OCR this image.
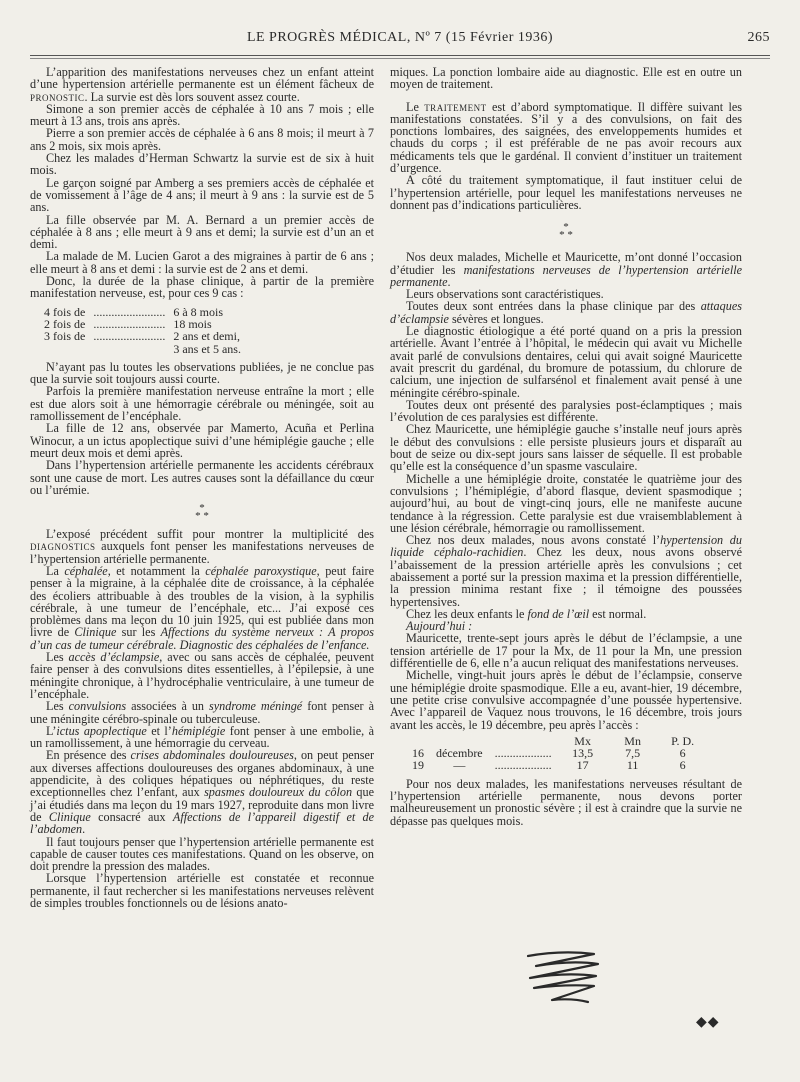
LE PROGRÈS MÉDICAL, Nº 7 (15 Février 1936)	265

L’apparition des manifestations nerveuses chez un enfant atteint d’une hypertension artérielle permanente est un élément fâcheux de pronostic. La survie est dès lors souvent assez courte.

Simone a son premier accès de céphalée à 10 ans 7 mois ; elle meurt à 13 ans, trois ans après.

Pierre a son premier accès de céphalée à 6 ans 8 mois; il meurt à 7 ans 2 mois, six mois après.

Chez les malades d’Herman Schwartz la survie est de six à huit mois.

Le garçon soigné par Amberg a ses premiers accès de céphalée et de vomissement à l’âge de 4 ans; il meurt à 9 ans : la survie est de 5 ans.

La fille observée par M. A. Bernard a un premier accès de céphalée à 8 ans ; elle meurt à 9 ans et demi; la survie est d’un an et demi.

La malade de M. Lucien Garot a des migraines à partir de 6 ans ; elle meurt à 8 ans et demi : la survie est de 2 ans et demi.

Donc, la durée de la phase clinique, à partir de la première manifestation nerveuse, est, pour ces 9 cas :

4 fois de	........................	6 à 8 mois
2 fois de	........................	18 mois
3 fois de	........................	2 ans et demi,
		3 ans et 5 ans.

N’ayant pas lu toutes les observations publiées, je ne conclue pas que la survie soit toujours aussi courte.

Parfois la première manifestation nerveuse entraîne la mort ; elle est due alors soit à une hémorragie cérébrale ou méningée, soit au ramollissement de l’encéphale.

La fille de 12 ans, observée par Mamerto, Acuña et Perlina Winocur, a un ictus apoplectique suivi d’une hémiplégie gauche ; elle meurt deux mois et demi après.

Dans l’hypertension artérielle permanente les accidents cérébraux sont une cause de mort. Les autres causes sont la défaillance du cœur ou l’urémie.

*
* *

L’exposé précédent suffit pour montrer la multiplicité des diagnostics auxquels font penser les manifestations nerveuses de l’hypertension artérielle permanente.

La céphalée, et notamment la céphalée paroxystique, peut faire penser à la migraine, à la céphalée dite de croissance, à la céphalée des écoliers attribuable à des troubles de la vision, à la syphilis cérébrale, à une tumeur de l’encéphale, etc... J’ai exposé ces problèmes dans ma leçon du 10 juin 1925, qui est publiée dans mon livre de Clinique sur les Affections du système nerveux : A propos d’un cas de tumeur cérébrale. Diagnostic des céphalées de l’enfance.

Les accès d’éclampsie, avec ou sans accès de céphalée, peuvent faire penser à des convulsions dites essentielles, à l’épilepsie, à une méningite chronique, à l’hydrocéphalie ventriculaire, à une tumeur de l’encéphale.

Les convulsions associées à un syndrome méningé font penser à une méningite cérébro-spinale ou tuberculeuse.

L’ictus apoplectique et l’hémiplégie font penser à une embolie, à un ramollissement, à une hémorragie du cerveau.

En présence des crises abdominales douloureuses, on peut penser aux diverses affections douloureuses des organes abdominaux, à une appendicite, à des coliques hépatiques ou néphrétiques, du reste exceptionnelles chez l’enfant, aux spasmes douloureux du côlon que j’ai étudiés dans ma leçon du 19 mars 1927, reproduite dans mon livre de Clinique consacré aux Affections de l’appareil digestif et de l’abdomen.

Il faut toujours penser que l’hypertension artérielle permanente est capable de causer toutes ces manifestations. Quand on les observe, on doit prendre la pression des malades.

Lorsque l’hypertension artérielle est constatée et reconnue permanente, il faut rechercher si les manifestations nerveuses relèvent de simples troubles fonctionnels ou de lésions anato-

miques. La ponction lombaire aide au diagnostic. Elle est en outre un moyen de traitement.

Le traitement est d’abord symptomatique. Il diffère suivant les manifestations constatées. S’il y a des convulsions, on fait des ponctions lombaires, des saignées, des enveloppements humides et chauds du corps ; il est préférable de ne pas avoir recours aux médicaments tels que le gardénal. Il convient d’instituer un traitement d’urgence.

A côté du traitement symptomatique, il faut instituer celui de l’hypertension artérielle, pour lequel les manifestations nerveuses ne donnent pas d’indications particulières.

*
* *

Nos deux malades, Michelle et Mauricette, m’ont donné l’occasion d’étudier les manifestations nerveuses de l’hypertension artérielle permanente.

Leurs observations sont caractéristiques.

Toutes deux sont entrées dans la phase clinique par des attaques d’éclampsie sévères et longues.

Le diagnostic étiologique a été porté quand on a pris la pression artérielle. Avant l’entrée à l’hôpital, le médecin qui avait vu Michelle avait parlé de convulsions dentaires, celui qui avait soigné Mauricette avait prescrit du gardénal, du bromure de potassium, du chlorure de calcium, une injection de sulfarsénol et finalement avait pensé à une méningite cérébro-spinale.

Toutes deux ont présenté des paralysies post-éclamptiques ; mais l’évolution de ces paralysies est différente.

Chez Mauricette, une hémiplégie gauche s’installe neuf jours après le début des convulsions : elle persiste plusieurs jours et disparaît au bout de seize ou dix-sept jours sans laisser de séquelle. Il est probable qu’elle est la conséquence d’un spasme vasculaire.

Michelle a une hémiplégie droite, constatée le quatrième jour des convulsions ; l’hémiplégie, d’abord flasque, devient spasmodique ; aujourd’hui, au bout de vingt-cinq jours, elle ne manifeste aucune tendance à la régression. Cette paralysie est due vraisemblablement à une lésion cérébrale, hémorragie ou ramollissement.

Chez nos deux malades, nous avons constaté l’hypertension du liquide céphalo-rachidien. Chez les deux, nous avons observé l’abaissement de la pression artérielle après les convulsions ; cet abaissement a porté sur la pression maxima et la pression différentielle, la pression minima restant fixe ; il témoigne des poussées hypertensives.

Chez les deux enfants le fond de l’œil est normal.

Aujourd’hui :

Mauricette, trente-sept jours après le début de l’éclampsie, a une tension artérielle de 17 pour la Mx, de 11 pour la Mn, une pression différentielle de 6, elle n’a aucun reliquat des manifestations nerveuses.

Michelle, vingt-huit jours après le début de l’éclampsie, conserve une hémiplégie droite spasmodique. Elle a eu, avant-hier, 19 décembre, une petite crise convulsive accompagnée d’une poussée hypertensive. Avec l’appareil de Vaquez nous trouvons, le 16 décembre, trois jours avant les accès, le 19 décembre, peu après l’accès :

			Mx	Mn	P. D.
16	décembre	...................	13,5	7,5	6
19	—	...................	17	11	6

Pour nos deux malades, les manifestations nerveuses résultant de l’hypertension artérielle permanente, nous devons porter malheureusement un pronostic sévère ; il est à craindre que la survie ne dépasse pas quelques mois.

◆◆
